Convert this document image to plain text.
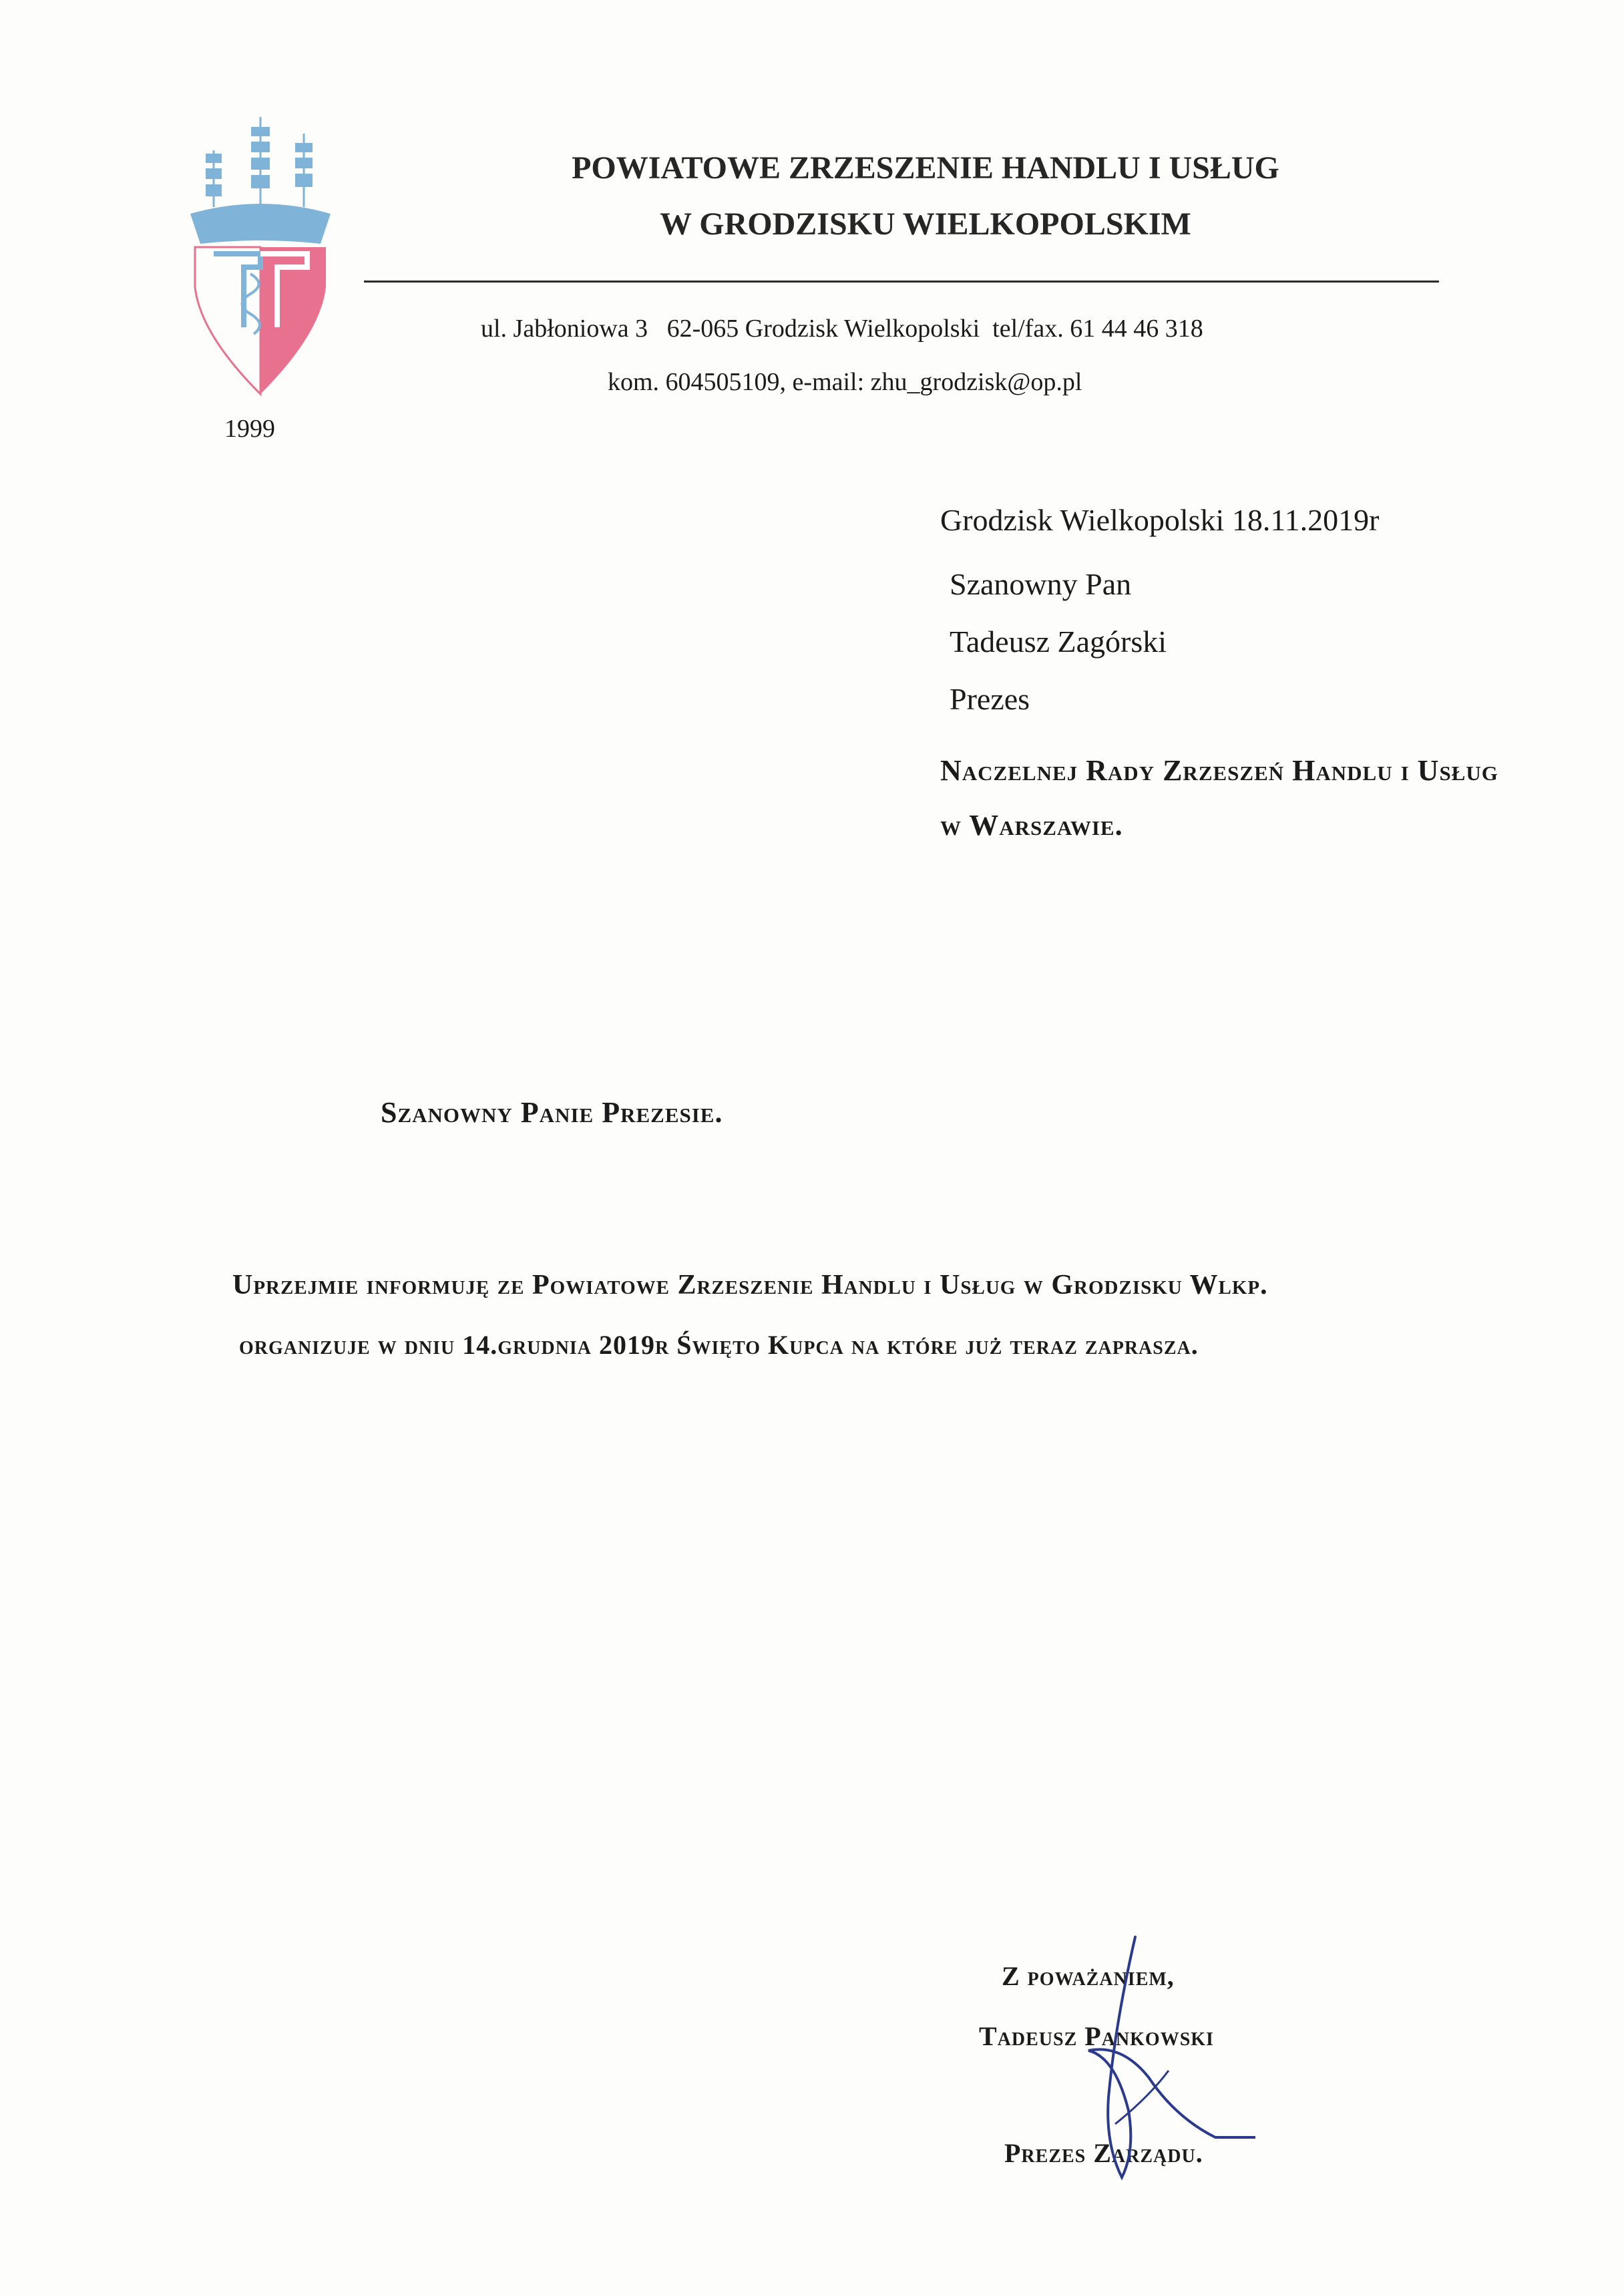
1999
POWIATOWE ZRZESZENIE HANDLU I USŁUG
W GRODZISKU WIELKOPOLSKIM
ul. Jabłoniowa 3   62-065 Grodzisk Wielkopolski  tel/fax. 61 44 46 318
kom. 604505109, e-mail: zhu_grodzisk@op.pl
Grodzisk Wielkopolski 18.11.2019r
Szanowny Pan
Tadeusz Zagórski
Prezes
Naczelnej Rady Zrzeszeń Handlu i Usług
w Warszawie.
Szanowny Panie Prezesie.
Uprzejmie informuję ze Powiatowe Zrzeszenie Handlu i Usług w Grodzisku Wlkp.
organizuje w dniu 14.grudnia 2019r Święto Kupca na które już teraz zaprasza.
Z poważaniem,
Tadeusz Pankowski
Prezes Zarządu.
